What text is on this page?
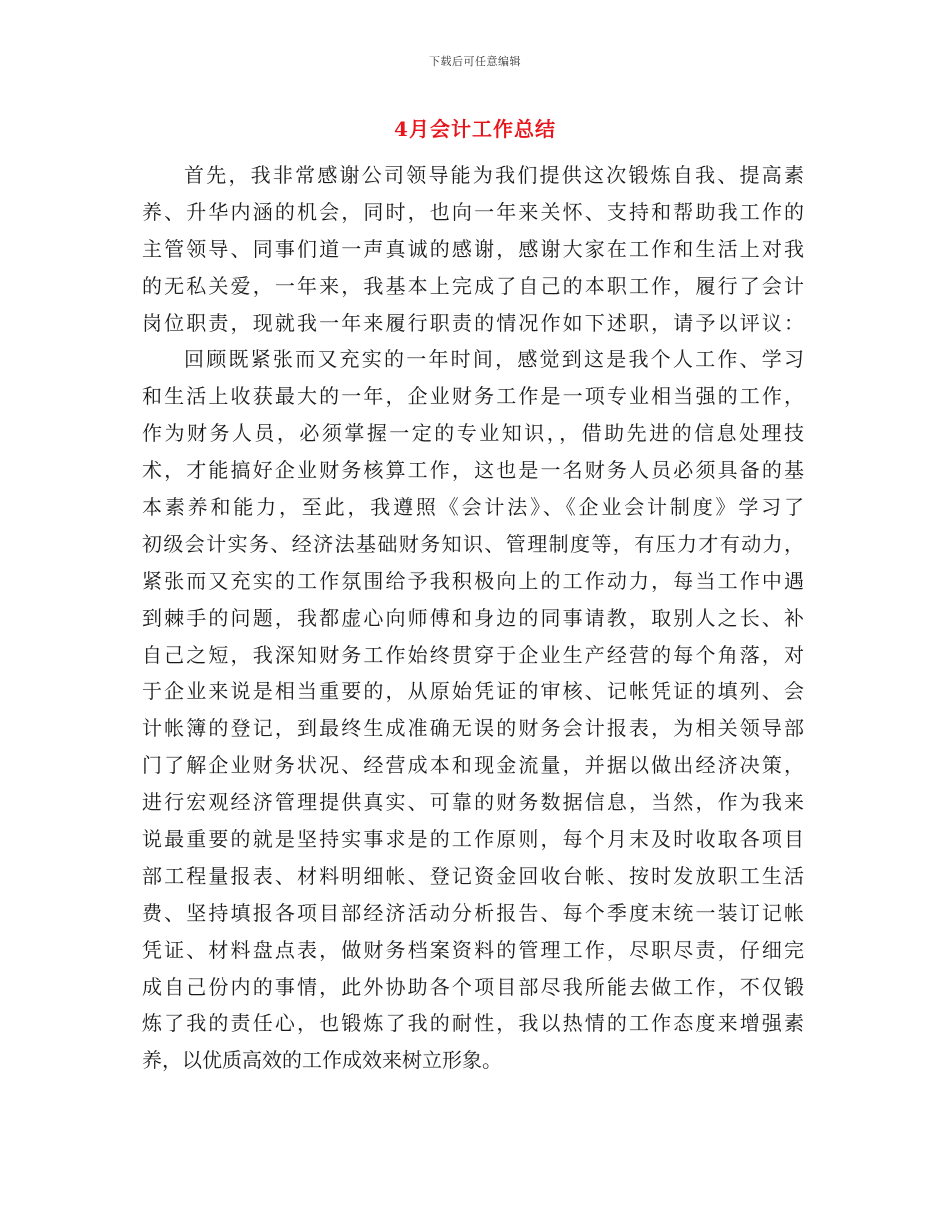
下载后可任意编辑
4月会计工作总结
首先，我非常感谢公司领导能为我们提供这次锻炼自我、提高素
养、升华内涵的机会，同时，也向一年来关怀、支持和帮助我工作的
主管领导、同事们道一声真诚的感谢，感谢大家在工作和生活上对我
的无私关爱，一年来，我基本上完成了自己的本职工作，履行了会计
岗位职责，现就我一年来履行职责的情况作如下述职，请予以评议：
回顾既紧张而又充实的一年时间，感觉到这是我个人工作、学习
和生活上收获最大的一年，企业财务工作是一项专业相当强的工作，
作为财务人员，必须掌握一定的专业知识，，借助先进的信息处理技
术，才能搞好企业财务核算工作，这也是一名财务人员必须具备的基
本素养和能力，至此，我遵照《会计法》、《企业会计制度》学习了
初级会计实务、经济法基础财务知识、管理制度等，有压力才有动力，
紧张而又充实的工作氛围给予我积极向上的工作动力，每当工作中遇
到棘手的问题，我都虚心向师傅和身边的同事请教，取别人之长、补
自己之短，我深知财务工作始终贯穿于企业生产经营的每个角落，对
于企业来说是相当重要的，从原始凭证的审核、记帐凭证的填列、会
计帐簿的登记，到最终生成准确无误的财务会计报表，为相关领导部
门了解企业财务状况、经营成本和现金流量，并据以做出经济决策，
进行宏观经济管理提供真实、可靠的财务数据信息，当然，作为我来
说最重要的就是坚持实事求是的工作原则，每个月末及时收取各项目
部工程量报表、材料明细帐、登记资金回收台帐、按时发放职工生活
费、坚持填报各项目部经济活动分析报告、每个季度末统一装订记帐
凭证、材料盘点表，做财务档案资料的管理工作，尽职尽责，仔细完
成自己份内的事情，此外协助各个项目部尽我所能去做工作，不仅锻
炼了我的责任心，也锻炼了我的耐性，我以热情的工作态度来增强素
养，以优质高效的工作成效来树立形象。
